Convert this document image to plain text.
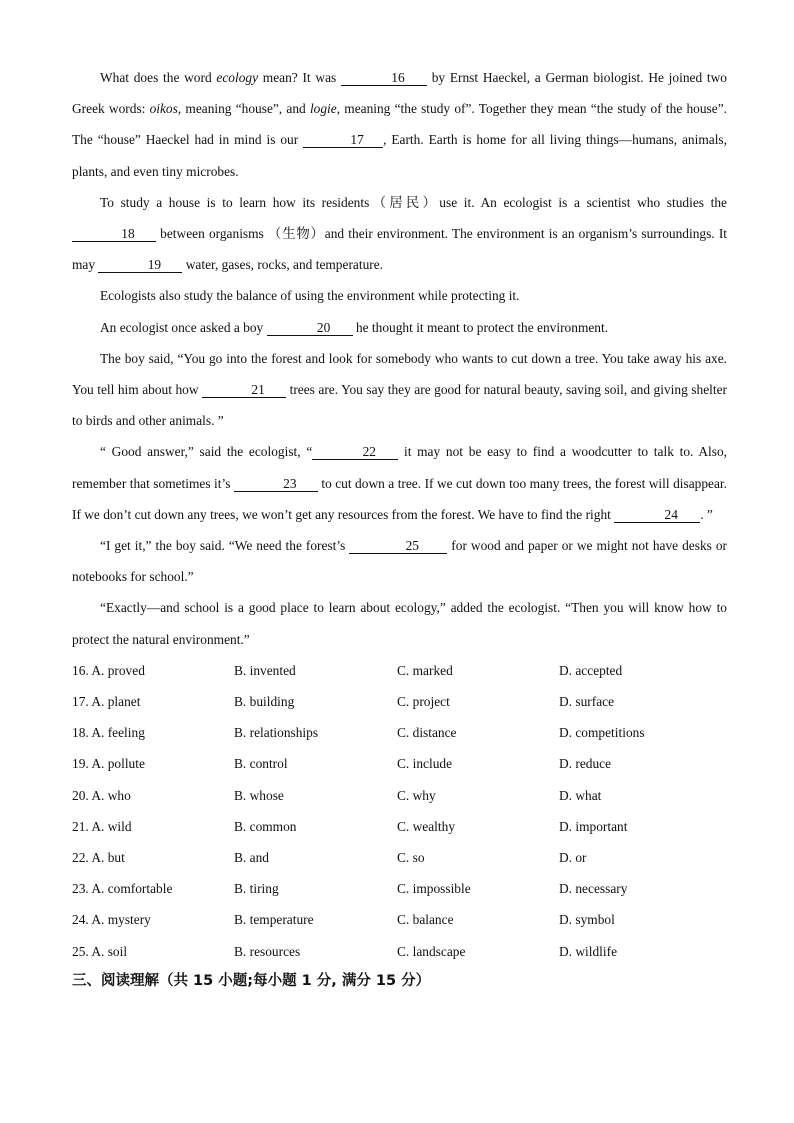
What does the word ecology mean? It was	16 by Ernst Haeckel, a German biologist. He joined two Greek words: oikos, meaning “house”, and logie, meaning “the study of”. Together they mean “the study of the house”. The “house” Haeckel had in mind is our	17 , Earth. Earth is home for all living things—humans, animals, plants, and even tiny microbes.

To study a house is to learn how its residents（居民）use it. An ecologist is a scientist who studies the 18 between organisms （生物）and their environment. The environment is an organism’s surroundings. It may	19 water, gases, rocks, and temperature.

Ecologists also study the balance of using the environment while protecting it.

An ecologist once asked a boy	20 he thought it meant to protect the environment.

The boy said, “You go into the forest and look for somebody who wants to cut down a tree. You take away his axe. You tell him about how	21 trees are. You say they are good for natural beauty, saving soil, and giving shelter to birds and other animals. ”

“ Good answer,” said the ecologist, “	22 it may not be easy to find a woodcutter to talk to. Also, remember that sometimes it’s	23 to cut down a tree. If we cut down too many trees, the forest will disappear. If we don’t cut down any trees, we won’t get any resources from the forest. We have to find the right	24 . ”

“I get it,” the boy said. “We need the forest’s	25 for wood and paper or we might not have desks or notebooks for school.”

“Exactly—and school is a good place to learn about ecology,” added the ecologist. “Then you will know how to protect the natural environment.”

16. A. proved	B. invented	C. marked	D. accepted
17. A. planet	B. building	C. project	D. surface
18. A. feeling	B. relationships	C. distance	D. competitions
19. A. pollute	B. control	C. include	D. reduce
20. A. who	B. whose	C. why	D. what
21. A. wild	B. common	C. wealthy	D. important
22. A. but	B. and	C. so	D. or
23. A. comfortable	B. tiring	C. impossible	D. necessary
24. A. mystery	B. temperature	C. balance	D. symbol
25. A. soil	B. resources	C. landscape	D. wildlife
三、阅读理解（共 15 小题;每小题 1 分, 满分 15 分）
